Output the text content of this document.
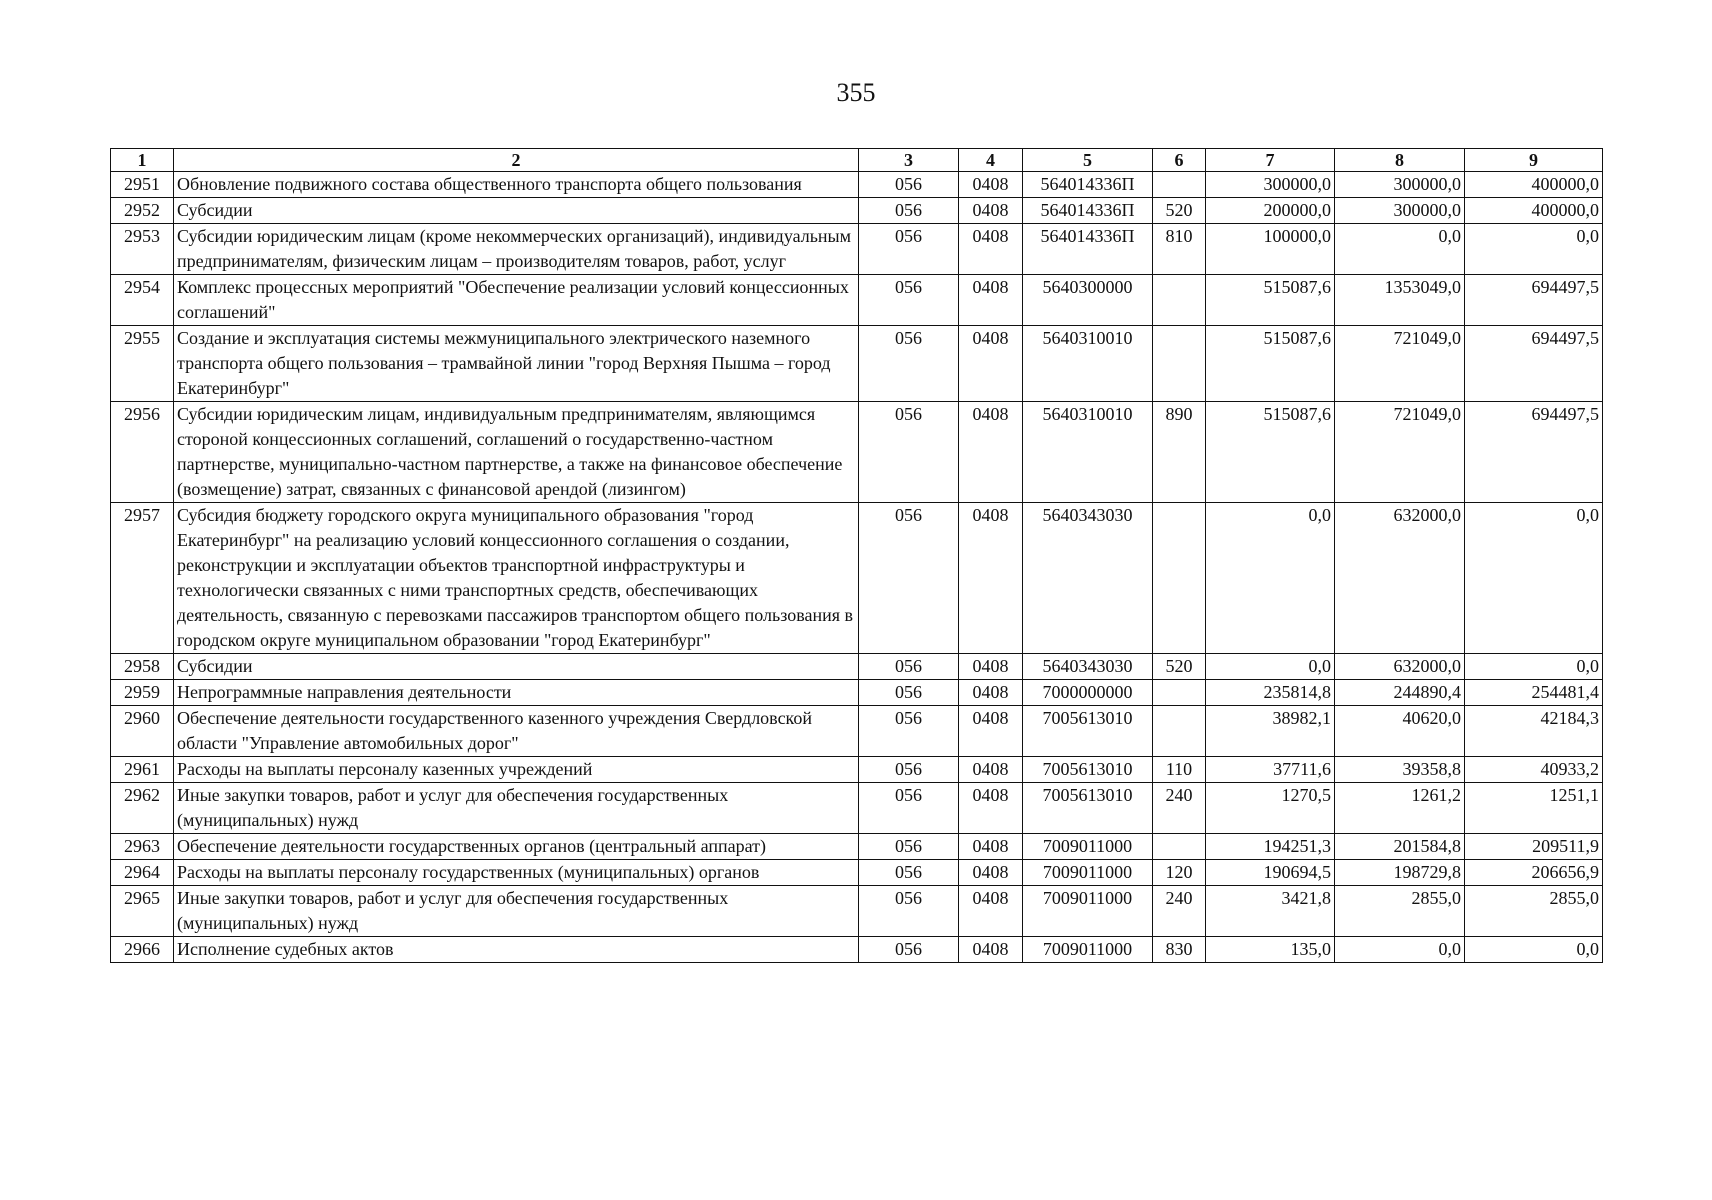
355
1	2	3	4	5	6	7	8	9
2951	Обновление подвижного состава общественного транспорта общего пользования	056	0408	564014336П		300000,0	300000,0	400000,0
2952	Субсидии	056	0408	564014336П	520	200000,0	300000,0	400000,0
2953	Субсидии юридическим лицам (кроме некоммерческих организаций), индивидуальным предпринимателям, физическим лицам – производителям товаров, работ, услуг	056	0408	564014336П	810	100000,0	0,0	0,0
2954	Комплекс процессных мероприятий "Обеспечение реализации условий концессионных соглашений"	056	0408	5640300000		515087,6	1353049,0	694497,5
2955	Создание и эксплуатация системы межмуниципального электрического наземного транспорта общего пользования – трамвайной линии "город Верхняя Пышма – город Екатеринбург"	056	0408	5640310010		515087,6	721049,0	694497,5
2956	Субсидии юридическим лицам, индивидуальным предпринимателям, являющимся стороной концессионных соглашений, соглашений о государственно-частном партнерстве, муниципально-частном партнерстве, а также на финансовое обеспечение (возмещение) затрат, связанных с финансовой арендой (лизингом)	056	0408	5640310010	890	515087,6	721049,0	694497,5
2957	Субсидия бюджету городского округа муниципального образования "город Екатеринбург" на реализацию условий концессионного соглашения о создании, реконструкции и эксплуатации объектов транспортной инфраструктуры и технологически связанных с ними транспортных средств, обеспечивающих деятельность, связанную с перевозками пассажиров транспортом общего пользования в городском округе муниципальном образовании "город Екатеринбург"	056	0408	5640343030		0,0	632000,0	0,0
2958	Субсидии	056	0408	5640343030	520	0,0	632000,0	0,0
2959	Непрограммные направления деятельности	056	0408	7000000000		235814,8	244890,4	254481,4
2960	Обеспечение деятельности государственного казенного учреждения Свердловской области "Управление автомобильных дорог"	056	0408	7005613010		38982,1	40620,0	42184,3
2961	Расходы на выплаты персоналу казенных учреждений	056	0408	7005613010	110	37711,6	39358,8	40933,2
2962	Иные закупки товаров, работ и услуг для обеспечения государственных (муниципальных) нужд	056	0408	7005613010	240	1270,5	1261,2	1251,1
2963	Обеспечение деятельности государственных органов (центральный аппарат)	056	0408	7009011000		194251,3	201584,8	209511,9
2964	Расходы на выплаты персоналу государственных (муниципальных) органов	056	0408	7009011000	120	190694,5	198729,8	206656,9
2965	Иные закупки товаров, работ и услуг для обеспечения государственных (муниципальных) нужд	056	0408	7009011000	240	3421,8	2855,0	2855,0
2966	Исполнение судебных актов	056	0408	7009011000	830	135,0	0,0	0,0
